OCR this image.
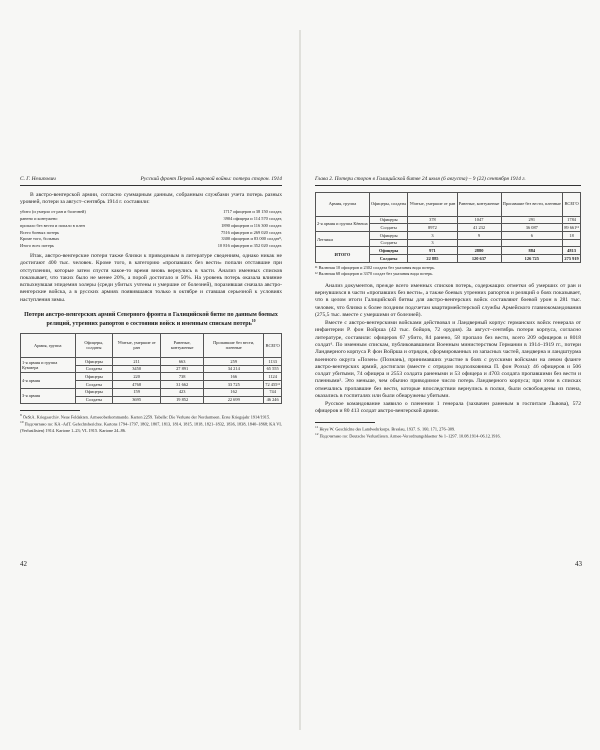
С. Г. Нелипович	Русский фронт Первой мировой войны: потери сторон. 1914

В австро-венгерской армии, согласно суммарным данным, собранным службами учета потерь разных уровней, потери за август–сентябрь 1914 г. составили:

убито (и умерло от ран и болезней)	1717 офицеров и 38 150 солдат,
ранено и контужено	3904 офицера и 114 570 солдат,
пропало без вести и попало в плен	1890 офицеров и 116 300 солдат.
Всего боевых потерь	7516 офицеров и 269 020 солдат.
Кроме того, больных	3300 офицеров и 83 000 солдат⁹,
Итого всех потерь	10 816 офицеров и 352 020 солдат.

Итак, австро-венгерские потери также близки к приводимым в литературе сведениям, однако никак не достигают 400 тыс. человек. Кроме того, в категорию «пропавших без вести» попали отставшие при отступлении, которые затем спустя какое-то время вновь вернулись в части. Анализ именных списков показывает, что таких было не менее 20%, а порой достигало и 50%. На уровень потерь оказала влияние вспыхнувшая эпидемия холеры (среди убитых учтены и умершие от болезней), поразившая сначала австро-венгерские войска, а в русских армиях появившаяся только в октябре и ставшая серьезной к условиях наступления зимы.

Потери австро-венгерских армий Северного фронта в Галицийской битве по данным боевых реляций, утренних рапортов о состоянии войск и именным спискам потерь$^{10}$
Армия, группа	Офицеры, солдаты	Убитые, умершие от ран	Раненые, контуженые	Пропавшие без вести, пленные	ВСЕГО
1-я армия и группа Куммера	Офицеры	211	663	259	1133
	Солдаты	3450	27 891	34 214	65 555
4-я армия	Офицеры	220	738	166	1124
	Солдаты	4768	31 662	33 725	72 455¹¹
3-я армия	Офицеры	159	423	162	744
	Солдаты	3695	19 852	22 699	46 246
$^9$ ÖeStA. Kriegsarchiv. Neue Feldakten. Armeeoberkommando. Karton 2259. Tabelle: Die Verluste der Nordarmeen. Erste Kriegsjahr 1914/1915.
$^{10}$ Подсчитано по: KA -AdT. Gefechtsberichte. Kartons 1794–1797, 1802, 1807, 1813, 1814, 1815, 1818, 1821–1832, 1836, 1838, 1840–1868; KA VL (Verlustlisten) 1914. Kartone 1–23; VL 1915. Kartone 24–86.
42
Глава 2. Потери сторон в Галицийской битве 24 июля (6 августа) – 9 (22) сентября 1914 г.
Армия, группа	Офицеры, солдаты	Убитые, умершие от ран	Раненые, контуженые	Пропавшие без вести, пленные	ВСЕГО
2-я армия и группа Кёвеша	Офицеры	378	1047	291	1784
	Солдаты	8972	41 232	36 087	89 661¹²
Летчики	Офицеры	3	9	6	18
	Солдаты	3			
ИТОГО	Офицеры	971	2880	884	4813
	Солдаты	22 885	120 637	126 725	275 919
¹¹ Включая 10 офицеров и 2302 солдата без указания вида потерь.
¹² Включая 68 офицеров и 3370 солдат без указания вида потерь.

Анализ документов, прежде всего именных списков потерь, содержащих отметки об умерших от ран и вернувшихся в части «пропавших без вести», а также боевых утренних рапортов и реляций о боях показывает, что в целом итоги Галицийской битвы для австро-венгерских войск составляют боевой урон в 281 тыс. человек, что близко к более поздним подсчетам квартирмейстерской службы Армейского главнокомандования (275,5 тыс. вместе с умершими от болезней).

Вместе с австро-венгерскими войсками действовал и Ландверный корпус германских войск генерала от инфантерии Р. фон Войрша (42 тыс. бойцов, 72 орудия). За август–сентябрь потери корпуса, согласно литературе, составили: офицеров 67 убито, 84 ранено, 58 пропало без вести, всего 209 офицеров и 8018 солдат¹. По именным спискам, публиковавшимся Военным министерством Германии в 1914–1919 гг., потери Ландверного корпуса Р. фон Войрша и отрядов, сформированных из запасных частей, ландверна и ландштурма военного округа «Позен» (Познань), принимавших участие в боях с русскими войсками на левом фланге австро-венгерских армий, достигали (вместе с отрядом подполковника П. фон Роэза): 46 офицеров и 506 солдат убитыми, 74 офицера и 2553 солдата ранеными и 53 офицера и 4703 солдата пропавшими без вести и пленными². Это меньше, чем обычно приводимое число потерь Ландверного корпуса; при этом в списках отмечались пропавшие без вести, которые впоследствии вернулись в полки, были освобождены из плена, оказались в госпиталях или были обнаружены убитыми.

Русское командование заявило о пленении 1 генерала (захвачен раненым в госпитале Львова), 572 офицеров и 80 413 солдат австро-венгерской армии.

$^{11}$ Heye W. Geschichte des Landwehrkorps. Breslau, 1937. S. 160, 171, 276–309.
$^{12}$ Подсчитано по: Deutsche Verlustlisten. Armee-Verordnungsblaetter № 1–1297. 10.08.1914–06.12.1916.
43
